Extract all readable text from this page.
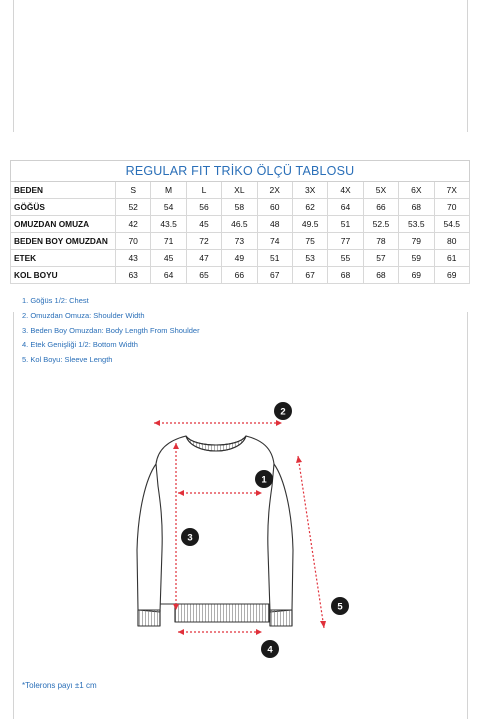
REGULAR FIT TRİKO ÖLÇÜ TABLOSU										
BEDEN	S	M	L	XL	2X	3X	4X	5X	6X	7X
GÖĞÜS	52	54	56	58	60	62	64	66	68	70
OMUZDAN OMUZA	42	43.5	45	46.5	48	49.5	51	52.5	53.5	54.5
BEDEN BOY OMUZDAN	70	71	72	73	74	75	77	78	79	80
ETEK	43	45	47	49	51	53	55	57	59	61
KOL BOYU	63	64	65	66	67	67	68	68	69	69
1. Göğüs 1/2: Chest
2. Omuzdan Omuza: Shoulder Width
3. Beden Boy Omuzdan: Body Length From Shoulder
4. Etek Genişliği 1/2: Bottom Width
5. Kol Boyu: Sleeve Length
1
2
3
4
5
*Tolerons payı ±1 cm
